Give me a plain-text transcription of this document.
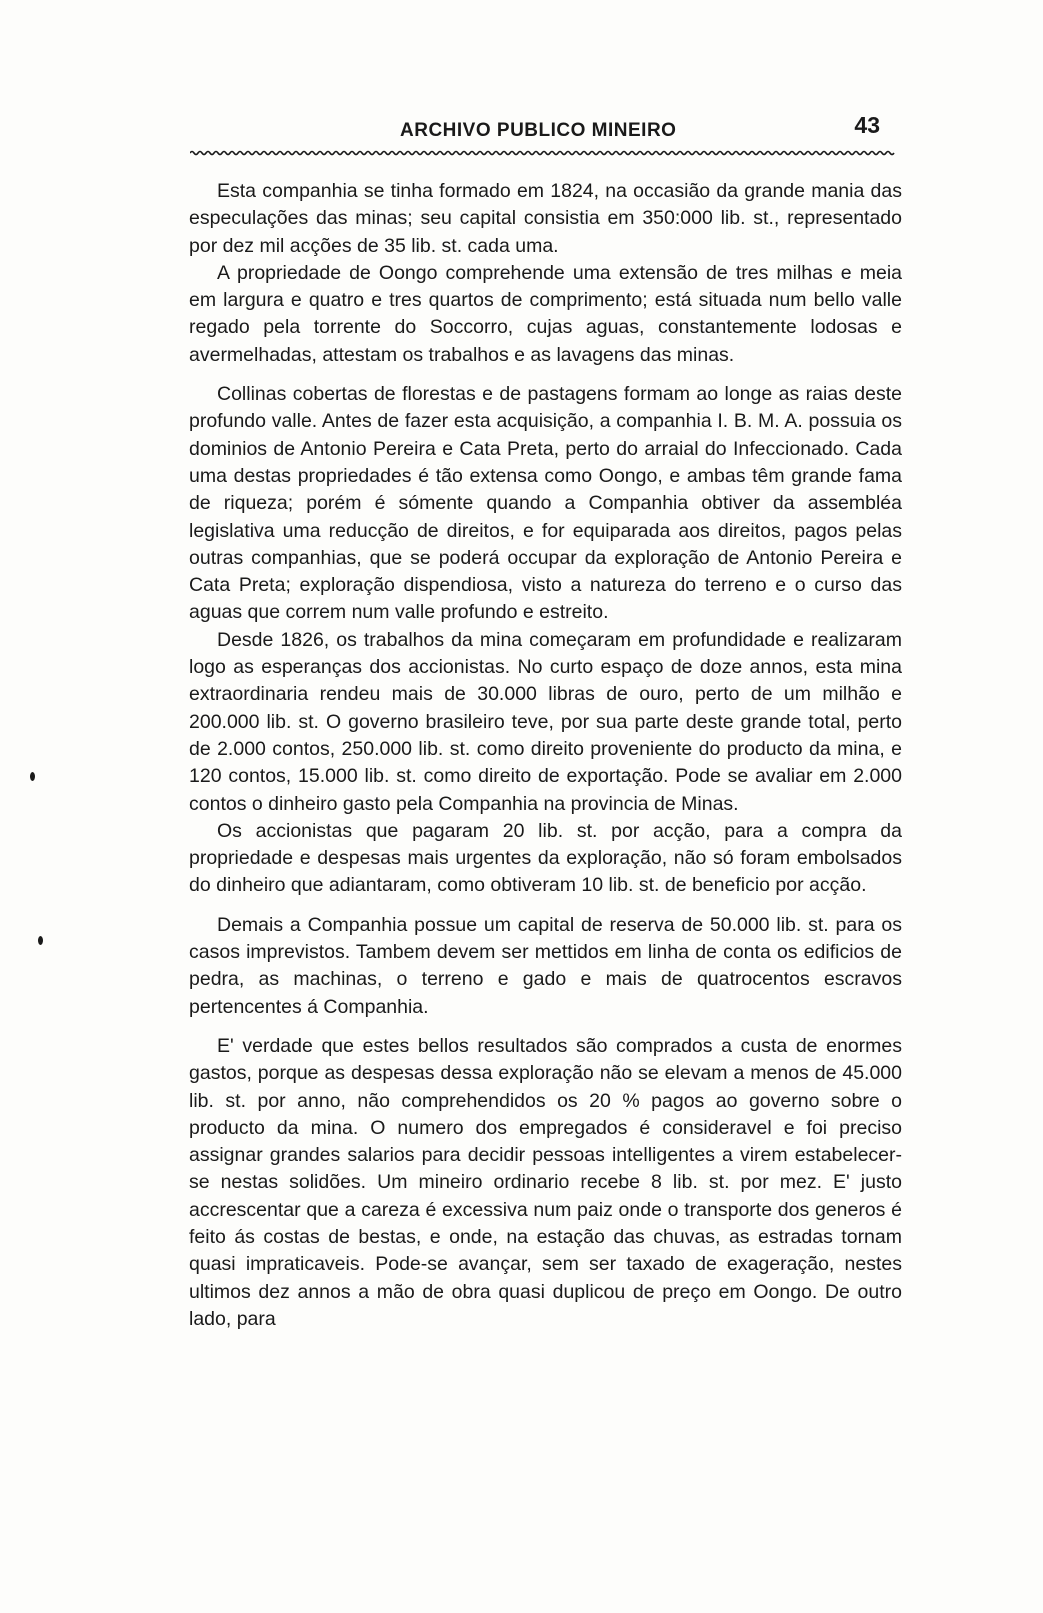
ARCHIVO PUBLICO MINEIRO	43

Esta companhia se tinha formado em 1824, na occasião da grande mania das especulações das minas; seu capital consistia em 350:000 lib. st., representado por dez mil acções de 35 lib. st. cada uma.

A propriedade de Oongo comprehende uma extensão de tres milhas e meia em largura e quatro e tres quartos de comprimento; está situada num bello valle regado pela torrente do Soccorro, cujas aguas, constantemente lodosas e avermelhadas, attestam os trabalhos e as lavagens das minas.

Collinas cobertas de florestas e de pastagens formam ao longe as raias deste profundo valle. Antes de fazer esta acquisição, a companhia I. B. M. A. possuia os dominios de Antonio Pereira e Cata Preta, perto do arraial do Infeccionado. Cada uma destas propriedades é tão extensa como Oongo, e ambas têm grande fama de riqueza; porém é sómente quando a Companhia obtiver da assembléa legislativa uma reducção de direitos, e for equiparada aos direitos, pagos pelas outras companhias, que se poderá occupar da exploração de Antonio Pereira e Cata Preta; exploração dispendiosa, visto a natureza do terreno e o curso das aguas que correm num valle profundo e estreito.

Desde 1826, os trabalhos da mina começaram em profundidade e realizaram logo as esperanças dos accionistas. No curto espaço de doze annos, esta mina extraordinaria rendeu mais de 30.000 libras de ouro, perto de um milhão e 200.000 lib. st. O governo brasileiro teve, por sua parte deste grande total, perto de 2.000 contos, 250.000 lib. st. como direito proveniente do producto da mina, e 120 contos, 15.000 lib. st. como direito de exportação. Pode se avaliar em 2.000 contos o dinheiro gasto pela Companhia na provincia de Minas.

Os accionistas que pagaram 20 lib. st. por acção, para a compra da propriedade e despesas mais urgentes da exploração, não só foram embolsados do dinheiro que adiantaram, como obtiveram 10 lib. st. de beneficio por acção.

Demais a Companhia possue um capital de reserva de 50.000 lib. st. para os casos imprevistos. Tambem devem ser mettidos em linha de conta os edificios de pedra, as machinas, o terreno e gado e mais de quatrocentos escravos pertencentes á Companhia.

E' verdade que estes bellos resultados são comprados a custa de enormes gastos, porque as despesas dessa exploração não se elevam a menos de 45.000 lib. st. por anno, não comprehendidos os 20 % pagos ao governo sobre o producto da mina. O numero dos empregados é consideravel e foi preciso assignar grandes salarios para decidir pessoas intelligentes a virem estabelecer-se nestas solidões. Um mineiro ordinario recebe 8 lib. st. por mez. E' justo accrescentar que a careza é excessiva num paiz onde o transporte dos generos é feito ás costas de bestas, e onde, na estação das chuvas, as estradas tornam quasi impraticaveis. Pode-se avançar, sem ser taxado de exageração, nestes ultimos dez annos a mão de obra quasi duplicou de preço em Oongo. De outro lado, para
